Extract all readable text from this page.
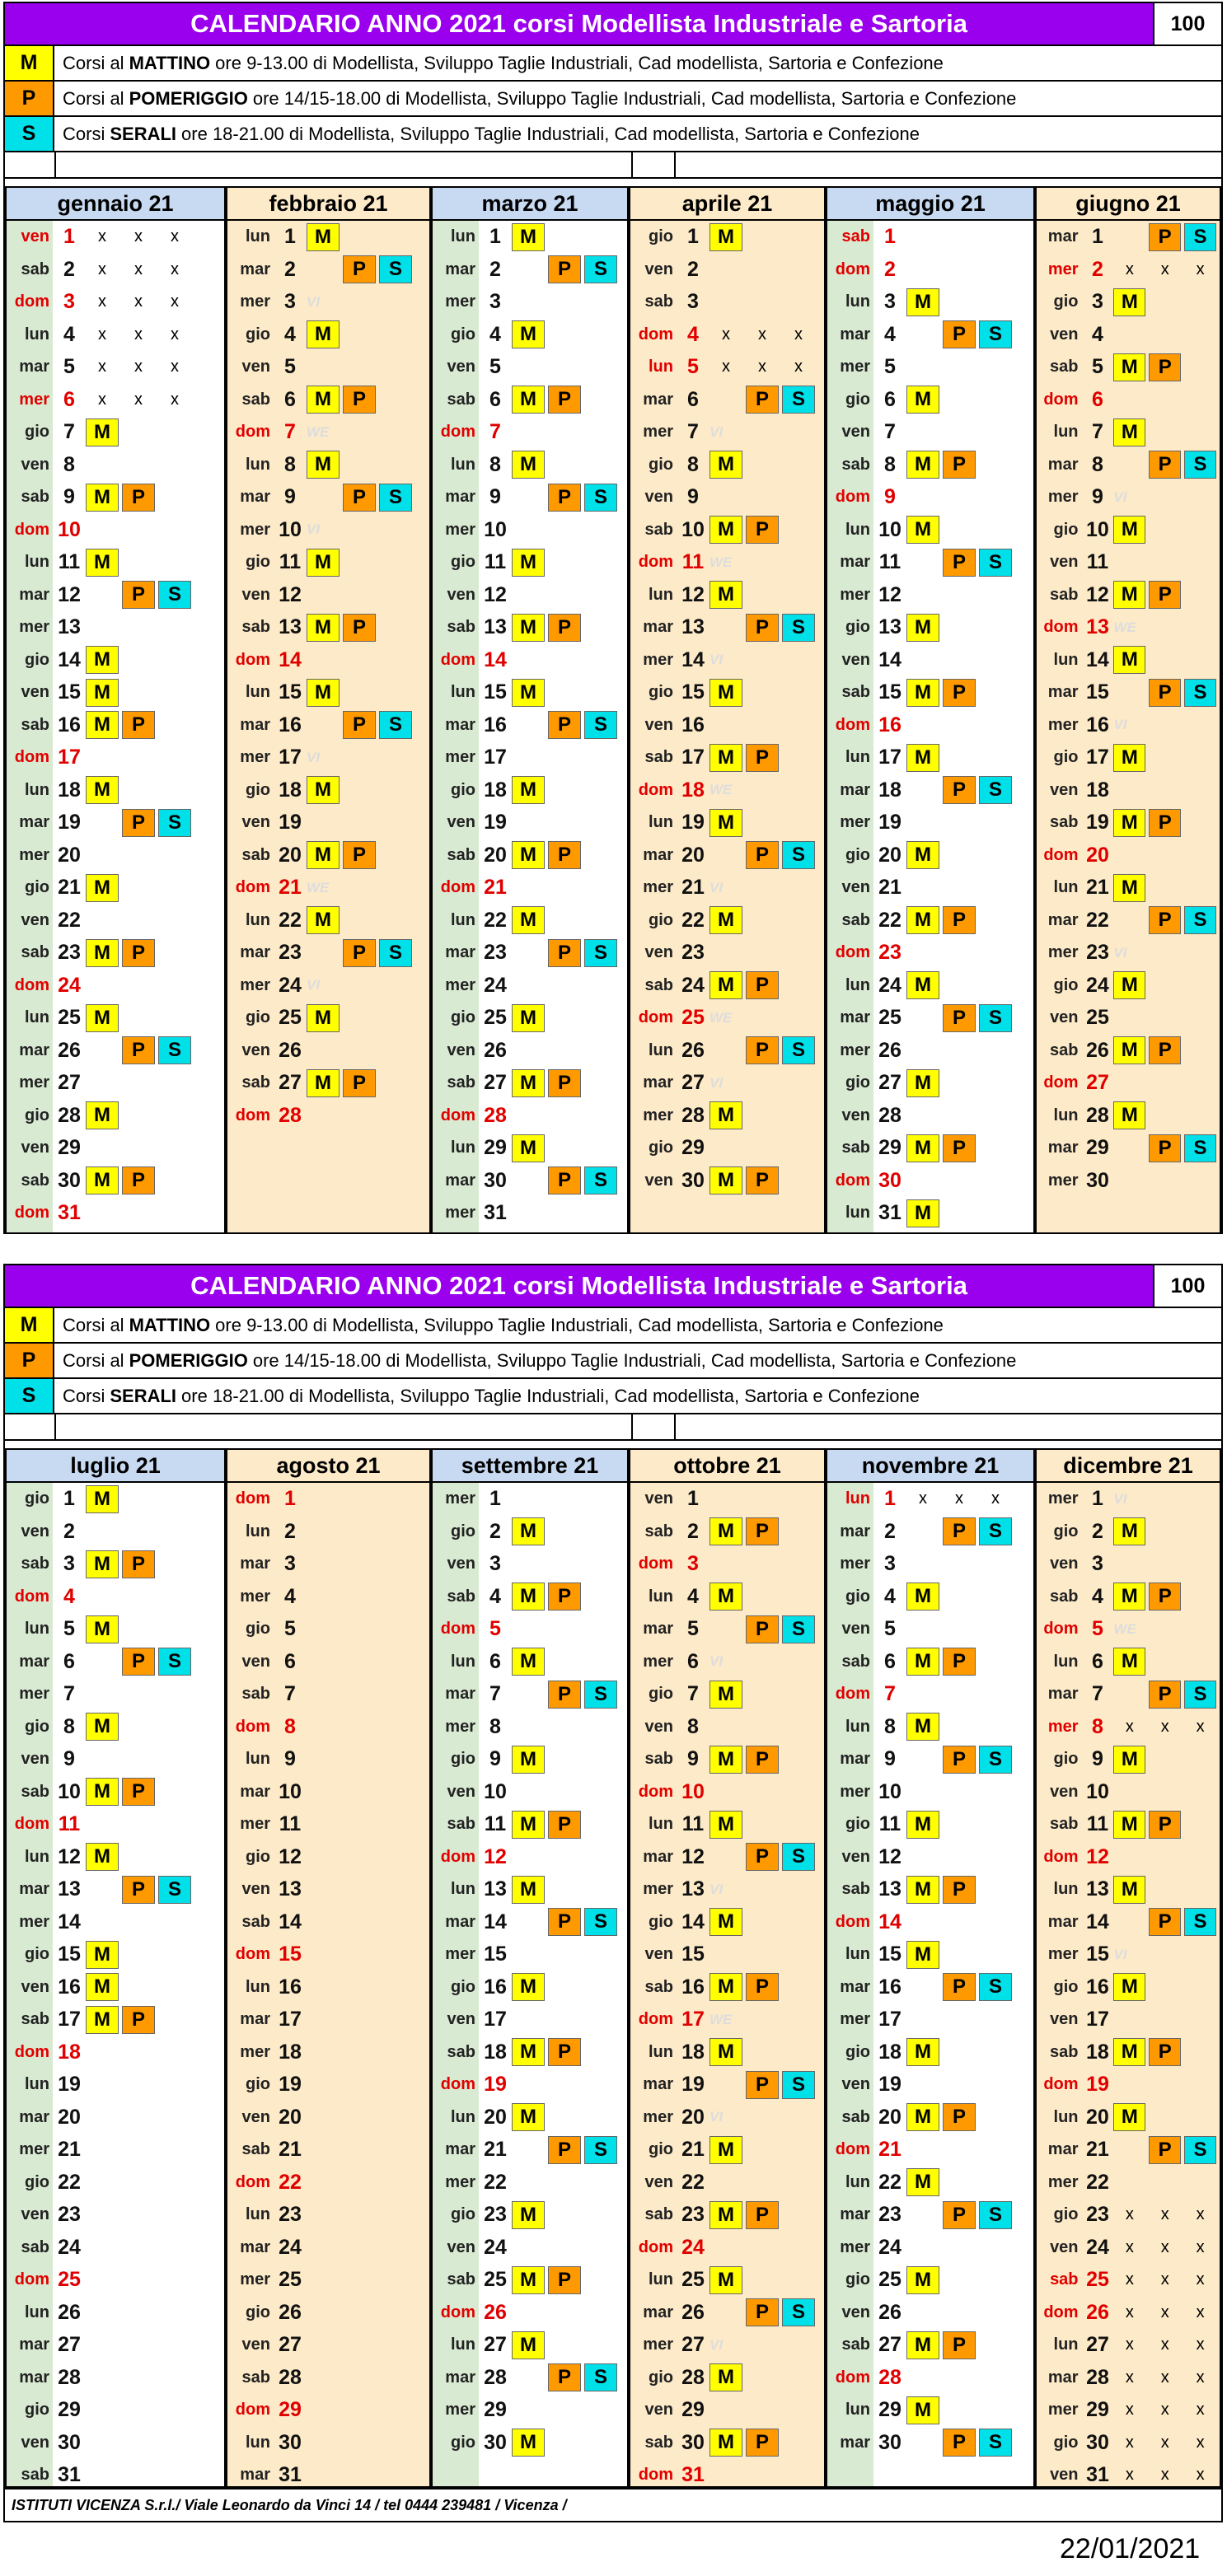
CALENDARIO ANNO 2021 corsi Modellista Industriale e Sartoria	100
M	Corsi al MATTINO ore 9-13.00 di Modellista, Sviluppo Taglie Industriali, Cad modellista, Sartoria e Confezione
P	Corsi al POMERIGGIO ore 14/15-18.00 di Modellista, Sviluppo Taglie Industriali, Cad modellista, Sartoria e Confezione
S	Corsi SERALI ore 18-21.00 di Modellista, Sviluppo Taglie Industriali, Cad modellista, Sartoria e Confezione
gennaio 21
ven 1	x	x	x
sab 2	x	x	x
dom 3	x	x	x
lun 4	x	x	x
mar 5	x	x	x
mer 6	x	x	x
gio 7 M
ven 8
sab 9 M	P
dom 10
lun 11 M
mar 12	P	S
mer 13
gio 14 M
ven 15 M
sab 16 M	P
dom 17
lun 18 M
mar 19	P	S
mer 20
gio 21 M
ven 22
sab 23 M	P
dom 24
lun 25 M
mar 26	P	S
mer 27
gio 28 M
ven 29
sab 30 M	P
dom 31
febbraio 21
lun 1 M
mar 2	P	S
mer 3 VI
gio 4 M
ven 5
sab 6 M	P
dom 7 WE
lun 8 M
mar 9	P	S
mer 10 VI
gio 11 M
ven 12
sab 13 M	P
dom 14
lun 15 M
mar 16	P	S
mer 17 VI
gio 18 M
ven 19
sab 20 M	P
dom 21 WE
lun 22 M
mar 23	P	S
mer 24 VI
gio 25 M
ven 26
sab 27 M	P
dom 28
marzo 21
lun 1 M
mar 2	P	S
mer 3
gio 4 M
ven 5
sab 6 M	P
dom 7
lun 8 M
mar 9	P	S
mer 10
gio 11 M
ven 12
sab 13 M	P
dom 14
lun 15 M
mar 16	P	S
mer 17
gio 18 M
ven 19
sab 20 M	P
dom 21
lun 22 M
mar 23	P	S
mer 24
gio 25 M
ven 26
sab 27 M	P
dom 28
lun 29 M
mar 30	P	S
mer 31
aprile 21
gio 1 M
ven 2
sab 3
dom 4	x	x	x
lun 5	x	x	x
mar 6	P	S
mer 7 VI
gio 8 M
ven 9
sab 10 M	P
dom 11 WE
lun 12 M
mar 13	P	S
mer 14 VI
gio 15 M
ven 16
sab 17 M	P
dom 18 WE
lun 19 M
mar 20	P	S
mer 21 VI
gio 22 M
ven 23
sab 24 M	P
dom 25 WE
lun 26	P	S
mar 27 VI
mer 28 M
gio 29
ven 30 M	P
maggio 21
sab 1
dom 2
lun 3 M
mar 4	P	S
mer 5
gio 6 M
ven 7
sab 8 M	P
dom 9
lun 10 M
mar 11	P	S
mer 12
gio 13 M
ven 14
sab 15 M	P
dom 16
lun 17 M
mar 18	P	S
mer 19
gio 20 M
ven 21
sab 22 M	P
dom 23
lun 24 M
mar 25	P	S
mer 26
gio 27 M
ven 28
sab 29 M	P
dom 30
lun 31 M
giugno 21
mar 1	P	S
mer 2	x	x	x
gio 3 M
ven 4
sab 5 M	P
dom 6
lun 7 M
mar 8	P	S
mer 9 VI
gio 10 M
ven 11
sab 12 M	P
dom 13 WE
lun 14 M
mar 15	P	S
mer 16 VI
gio 17 M
ven 18
sab 19 M	P
dom 20
lun 21 M
mar 22	P	S
mer 23 VI
gio 24 M
ven 25
sab 26 M	P
dom 27
lun 28 M
mar 29	P	S
mer 30
CALENDARIO ANNO 2021 corsi Modellista Industriale e Sartoria	100
M	Corsi al MATTINO ore 9-13.00 di Modellista, Sviluppo Taglie Industriali, Cad modellista, Sartoria e Confezione
P	Corsi al POMERIGGIO ore 14/15-18.00 di Modellista, Sviluppo Taglie Industriali, Cad modellista, Sartoria e Confezione
S	Corsi SERALI ore 18-21.00 di Modellista, Sviluppo Taglie Industriali, Cad modellista, Sartoria e Confezione
luglio 21
gio 1 M
ven 2
sab 3 M	P
dom 4
lun 5 M
mar 6	P	S
mer 7
gio 8 M
ven 9
sab 10 M	P
dom 11
lun 12 M
mar 13	P	S
mer 14
gio 15 M
ven 16 M
sab 17 M	P
dom 18
lun 19
mar 20
mer 21
gio 22
ven 23
sab 24
dom 25
lun 26
mar 27
mar 28
gio 29
ven 30
sab 31
agosto 21
dom 1
lun 2
mar 3
mer 4
gio 5
ven 6
sab 7
dom 8
lun 9
mar 10
mer 11
gio 12
ven 13
sab 14
dom 15
lun 16
mar 17
mer 18
gio 19
ven 20
sab 21
dom 22
lun 23
mar 24
mer 25
gio 26
ven 27
sab 28
dom 29
lun 30
mar 31
settembre 21
mer 1
gio 2 M
ven 3
sab 4 M	P
dom 5
lun 6 M
mar 7	P	S
mer 8
gio 9 M
ven 10
sab 11 M	P
dom 12
lun 13 M
mar 14	P	S
mer 15
gio 16 M
ven 17
sab 18 M	P
dom 19
lun 20 M
mar 21	P	S
mer 22
gio 23 M
ven 24
sab 25 M	P
dom 26
lun 27 M
mar 28	P	S
mer 29
gio 30 M
ottobre 21
ven 1
sab 2 M	P
dom 3
lun 4 M
mar 5	P	S
mer 6 VI
gio 7 M
ven 8
sab 9 M	P
dom 10
lun 11 M
mar 12	P	S
mer 13 VI
gio 14 M
ven 15
sab 16 M	P
dom 17 WE
lun 18 M
mar 19	P	S
mer 20 VI
gio 21 M
ven 22
sab 23 M	P
dom 24
lun 25 M
mar 26	P	S
mer 27 VI
gio 28 M
ven 29
sab 30 M	P
dom 31
novembre 21
lun 1	x	x	x
mar 2	P	S
mer 3
gio 4 M
ven 5
sab 6 M	P
dom 7
lun 8 M
mar 9	P	S
mer 10
gio 11 M
ven 12
sab 13 M	P
dom 14
lun 15 M
mar 16	P	S
mer 17
gio 18 M
ven 19
sab 20 M	P
dom 21
lun 22 M
mar 23	P	S
mer 24
gio 25 M
ven 26
sab 27 M	P
dom 28
lun 29 M
mar 30	P	S
dicembre 21
mer 1 VI
gio 2 M
ven 3
sab 4 M	P
dom 5 WE
lun 6 M
mar 7	P	S
mer 8	x	x	x
gio 9 M
ven 10
sab 11 M	P
dom 12
lun 13 M
mar 14	P	S
mer 15 VI
gio 16 M
ven 17
sab 18 M	P
dom 19
lun 20 M
mar 21	P	S
mer 22
gio 23 x	x	x
ven 24 x	x	x
sab 25 x	x	x
dom 26 x	x	x
lun 27 x	x	x
mar 28 x	x	x
mer 29 x	x	x
gio 30 x	x	x
ven 31 x	x	x
ISTITUTI VICENZA S.r.l./ Viale Leonardo da Vinci 14 / tel 0444 239481 / Vicenza /
22/01/2021
